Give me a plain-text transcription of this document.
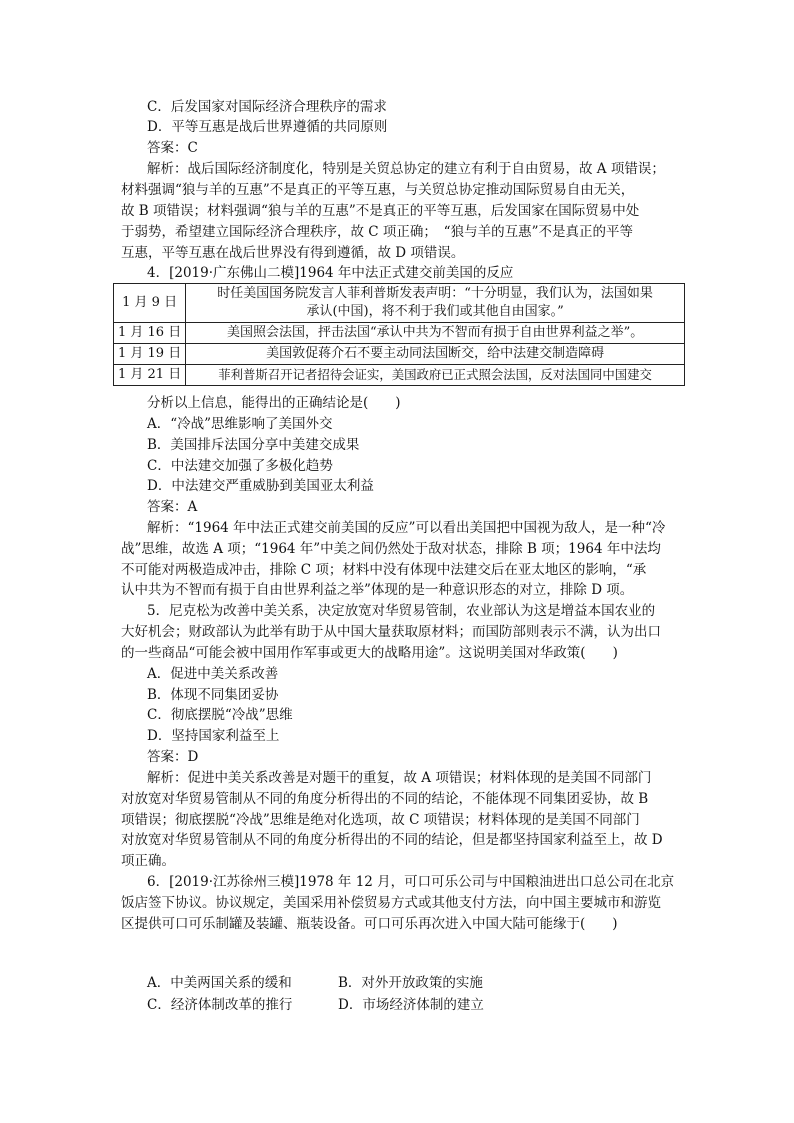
C．后发国家对国际经济合理秩序的需求
D．平等互惠是战后世界遵循的共同原则
答案：C
解析：战后国际经济制度化，特别是关贸总协定的建立有利于自由贸易，故 A 项错误；
材料强调“狼与羊的互惠”不是真正的平等互惠，与关贸总协定推动国际贸易自由无关，
故 B 项错误；材料强调“狼与羊的互惠”不是真正的平等互惠，后发国家在国际贸易中处
于弱势，希望建立国际经济合理秩序，故 C 项正确；　“狼与羊的互惠”不是真正的平等
互惠，平等互惠在战后世界没有得到遵循，故 D 项错误。
4．[2019·广东佛山二模]1964 年中法正式建交前美国的反应
1 月 9 日	时任美国国务院发言人菲利普斯发表声明：“十分明显，我们认为，法国如果
承认(中国)，将不利于我们或其他自由国家。”

1 月 16 日	美国照会法国，抨击法国“承认中共为不智而有损于自由世界利益之举”。
1 月 19 日	美国敦促蒋介石不要主动同法国断交，给中法建交制造障碍
1 月 21 日	菲利普斯召开记者招待会证实，美国政府已正式照会法国，反对法国同中国建交
分析以上信息，能得出的正确结论是(　　)
A．“冷战”思维影响了美国外交
B．美国排斥法国分享中美建交成果
C．中法建交加强了多极化趋势
D．中法建交严重威胁到美国亚太利益
答案：A
解析：“1964 年中法正式建交前美国的反应”可以看出美国把中国视为敌人，是一种“冷
战”思维，故选 A 项；“1964 年”中美之间仍然处于敌对状态，排除 B 项；1964 年中法均
不可能对两极造成冲击，排除 C 项；材料中没有体现中法建交后在亚太地区的影响，“承
认中共为不智而有损于自由世界利益之举”体现的是一种意识形态的对立，排除 D 项。
5．尼克松为改善中美关系，决定放宽对华贸易管制，农业部认为这是增益本国农业的
大好机会；财政部认为此举有助于从中国大量获取原材料；而国防部则表示不满，认为出口
的一些商品“可能会被中国用作军事或更大的战略用途”。这说明美国对华政策(　　)
A．促进中美关系改善
B．体现不同集团妥协
C．彻底摆脱“冷战”思维
D．坚持国家利益至上
答案：D
解析：促进中美关系改善是对题干的重复，故 A 项错误；材料体现的是美国不同部门
对放宽对华贸易管制从不同的角度分析得出的不同的结论，不能体现不同集团妥协，故 B
项错误；彻底摆脱“冷战”思维是绝对化选项，故 C 项错误；材料体现的是美国不同部门
对放宽对华贸易管制从不同的角度分析得出的不同的结论，但是都坚持国家利益至上，故 D
项正确。
6．[2019·江苏徐州三模]1978 年 12 月，可口可乐公司与中国粮油进出口总公司在北京
饭店签下协议。协议规定，美国采用补偿贸易方式或其他支付方法，向中国主要城市和游览
区提供可口可乐制罐及装罐、瓶装设备。可口可乐再次进入中国大陆可能缘于(　　)
A．中美两国关系的缓和	B．对外开放政策的实施
C．经济体制改革的推行	D．市场经济体制的建立
